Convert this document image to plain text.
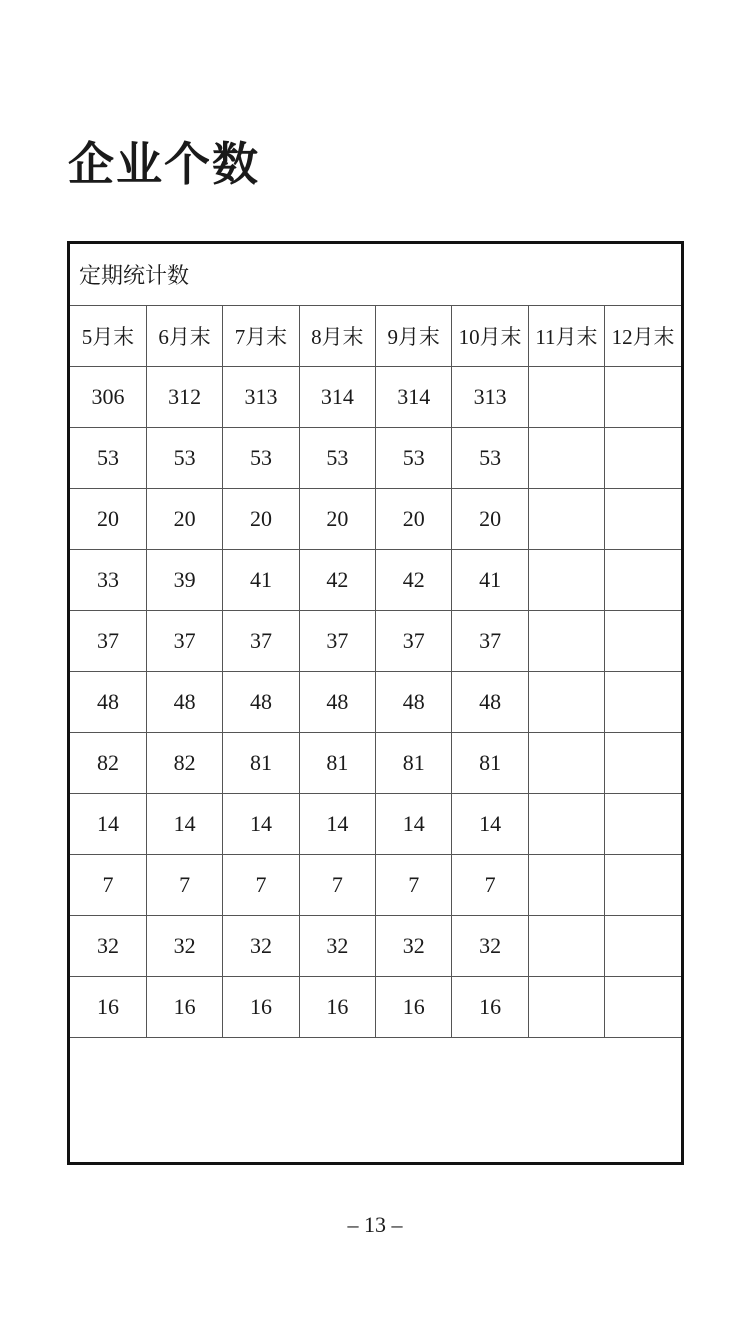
企业个数
定期统计数							
5月末	6月末	7月末	8月末	9月末	10月末	11月末	12月末
306	312	313	314	314	313		
53	53	53	53	53	53		
20	20	20	20	20	20		
33	39	41	42	42	41		
37	37	37	37	37	37		
48	48	48	48	48	48		
82	82	81	81	81	81		
14	14	14	14	14	14		
7	7	7	7	7	7		
32	32	32	32	32	32		
16	16	16	16	16	16		

– 13 –
